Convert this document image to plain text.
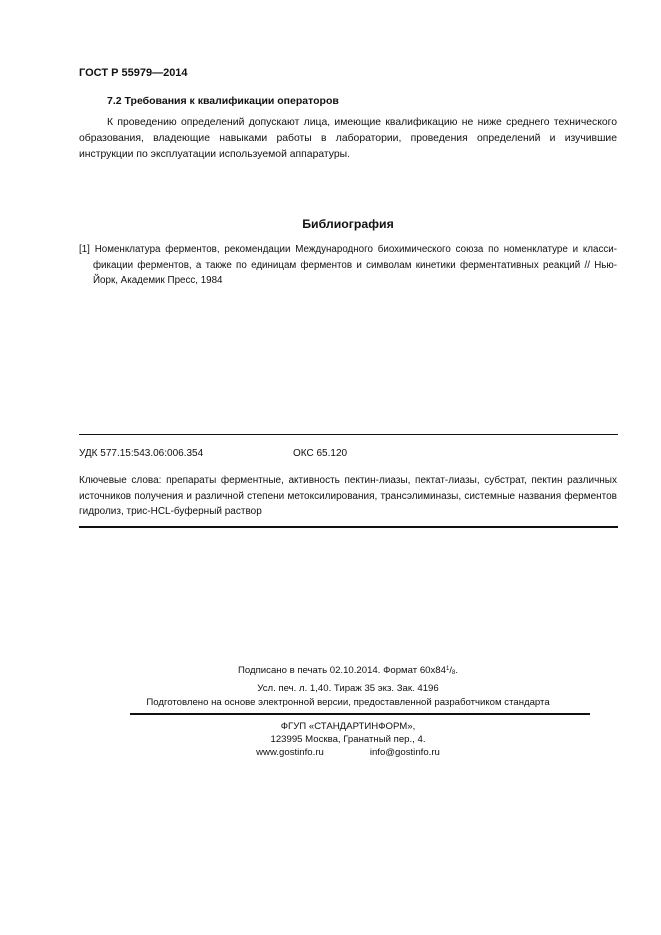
ГОСТ Р 55979—2014
7.2 Требования к квалификации операторов
К проведению определений допускают лица, имеющие квалификацию не ниже среднего технического образования, владеющие навыками работы в лаборатории, проведения определений и изучившие инструкции по эксплуатации используемой аппаратуры.
Библиография
[1] Номенклатура ферментов, рекомендации Международного биохимического союза по номенклатуре и классификации ферментов, а также по единицам ферментов и символам кинетики ферментативных реакций // Нью-Йорк, Академик Пресс, 1984
УДК 577.15:543.06:006.354	ОКС 65.120
Ключевые слова: препараты ферментные, активность пектин-лиазы, пектат-лиазы, субстрат, пектин различных источников получения и различной степени метоксилирования, трансэлиминазы, системные названия ферментов гидролиз, трис-HCL-буферный раствор
Подписано в печать 02.10.2014. Формат $60x84^1/_8$.
Усл. печ. л. 1,40. Тираж 35 экз. Зак. 4196
Подготовлено на основе электронной версии, предоставленной разработчиком стандарта
ФГУП «СТАНДАРТИНФОРМ»,
123995 Москва, Гранатный пер., 4.
www.gostinfo.ru	info@gostinfo.ru
